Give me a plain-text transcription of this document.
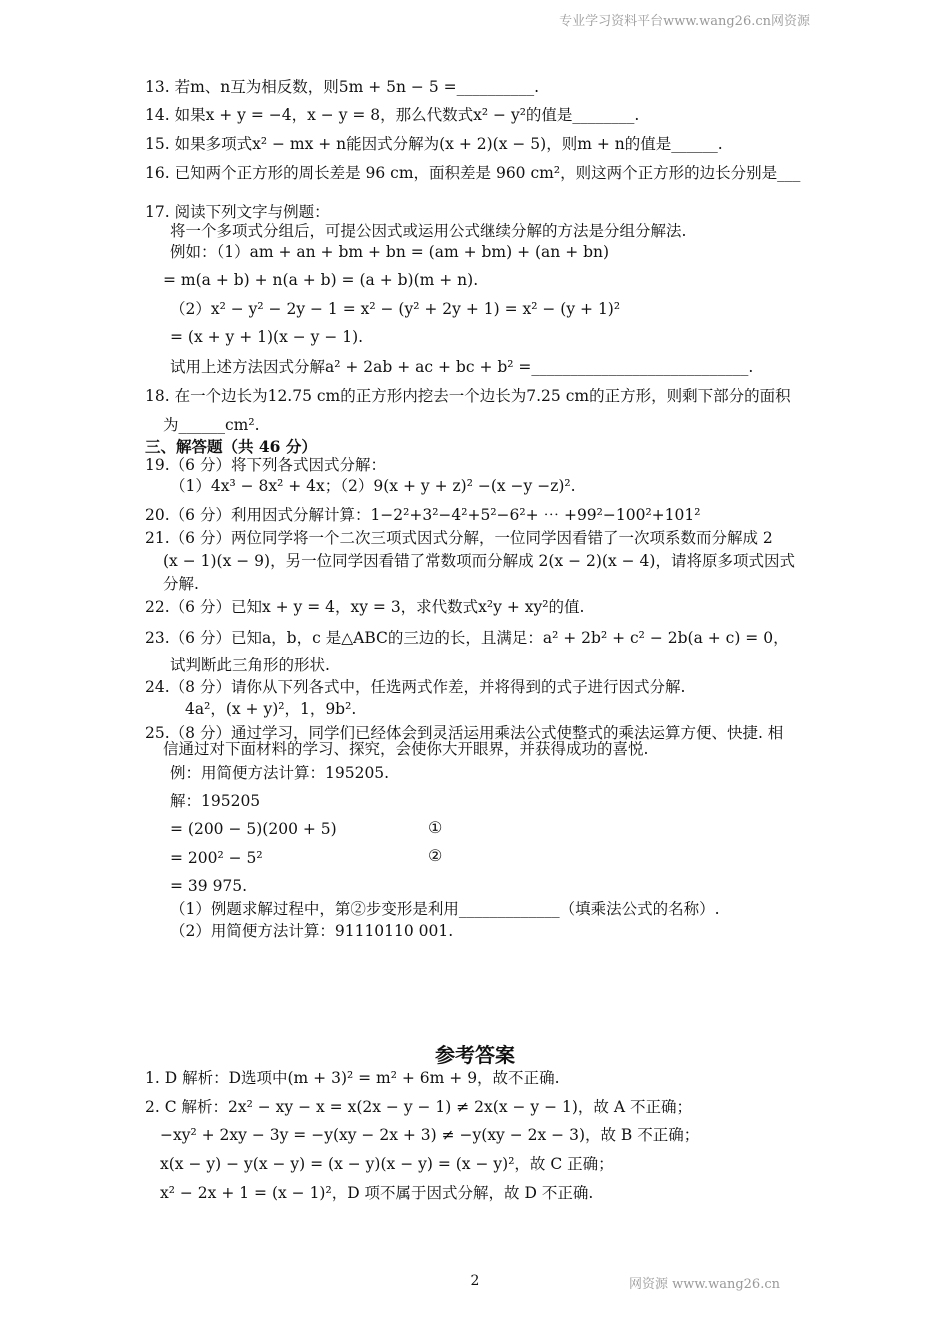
专业学习资料平台www.wang26.cn网资源
13. 若m、n互为相反数，则5m + 5n − 5 =__________.
14. 如果x + y = −4，x − y = 8，那么代数式x² − y²的值是________.
15. 如果多项式x² − mx + n能因式分解为(x + 2)(x − 5)，则m + n的值是______.
16. 已知两个正方形的周长差是 96 cm，面积差是 960 cm²，则这两个正方形的边长分别是___
17. 阅读下列文字与例题：
将一个多项式分组后，可提公因式或运用公式继续分解的方法是分组分解法.
例如：（1）am + an + bm + bn = (am + bm) + (an + bn)
= m(a + b) + n(a + b) = (a + b)(m + n).
（2）x² − y² − 2y − 1 = x² − (y² + 2y + 1) = x² − (y + 1)²
= (x + y + 1)(x − y − 1).
试用上述方法因式分解a² + 2ab + ac + bc + b² =____________________________.
18. 在一个边长为12.75 cm的正方形内挖去一个边长为7.25 cm的正方形，则剩下部分的面积
为______cm².
三、解答题（共 46 分）
19.（6 分）将下列各式因式分解：
（1）4x³ − 8x² + 4x；（2）9(x + y + z)² −(x −y −z)².
20.（6 分）利用因式分解计算：1−2²+3²−4²+5²−6²+ ⋯ +99²−100²+101²
21.（6 分）两位同学将一个二次三项式因式分解，一位同学因看错了一次项系数而分解成 2
(x − 1)(x − 9)，另一位同学因看错了常数项而分解成 2(x − 2)(x − 4)，请将原多项式因式
分解.
22.（6 分）已知x + y = 4，xy = 3，求代数式x²y + xy²的值.
23.（6 分）已知a，b，c 是△ABC的三边的长，且满足：a² + 2b² + c² − 2b(a + c) = 0，
试判断此三角形的形状.
24.（8 分）请你从下列各式中，任选两式作差，并将得到的式子进行因式分解.
4a²，(x + y)²，1，9b².
25.（8 分）通过学习，同学们已经体会到灵活运用乘法公式使整式的乘法运算方便、快捷. 相
信通过对下面材料的学习、探究，会使你大开眼界，并获得成功的喜悦.
例：用简便方法计算：195205.
解：195205
= (200 − 5)(200 + 5)
= 200² − 5²
= 39 975.
（1）例题求解过程中，第②步变形是利用_____________（填乘法公式的名称）.
（2）用简便方法计算：91110110 001.
①
②
参考答案
1. D 解析：D选项中(m + 3)² = m² + 6m + 9，故不正确.
2. C 解析：2x² − xy − x = x(2x − y − 1) ≠ 2x(x − y − 1)，故 A 不正确；
−xy² + 2xy − 3y = −y(xy − 2x + 3) ≠ −y(xy − 2x − 3)，故 B 不正确；
x(x − y) − y(x − y) = (x − y)(x − y) = (x − y)²，故 C 正确；
x² − 2x + 1 = (x − 1)²，D 项不属于因式分解，故 D 不正确.
2	网资源 www.wang26.cn
